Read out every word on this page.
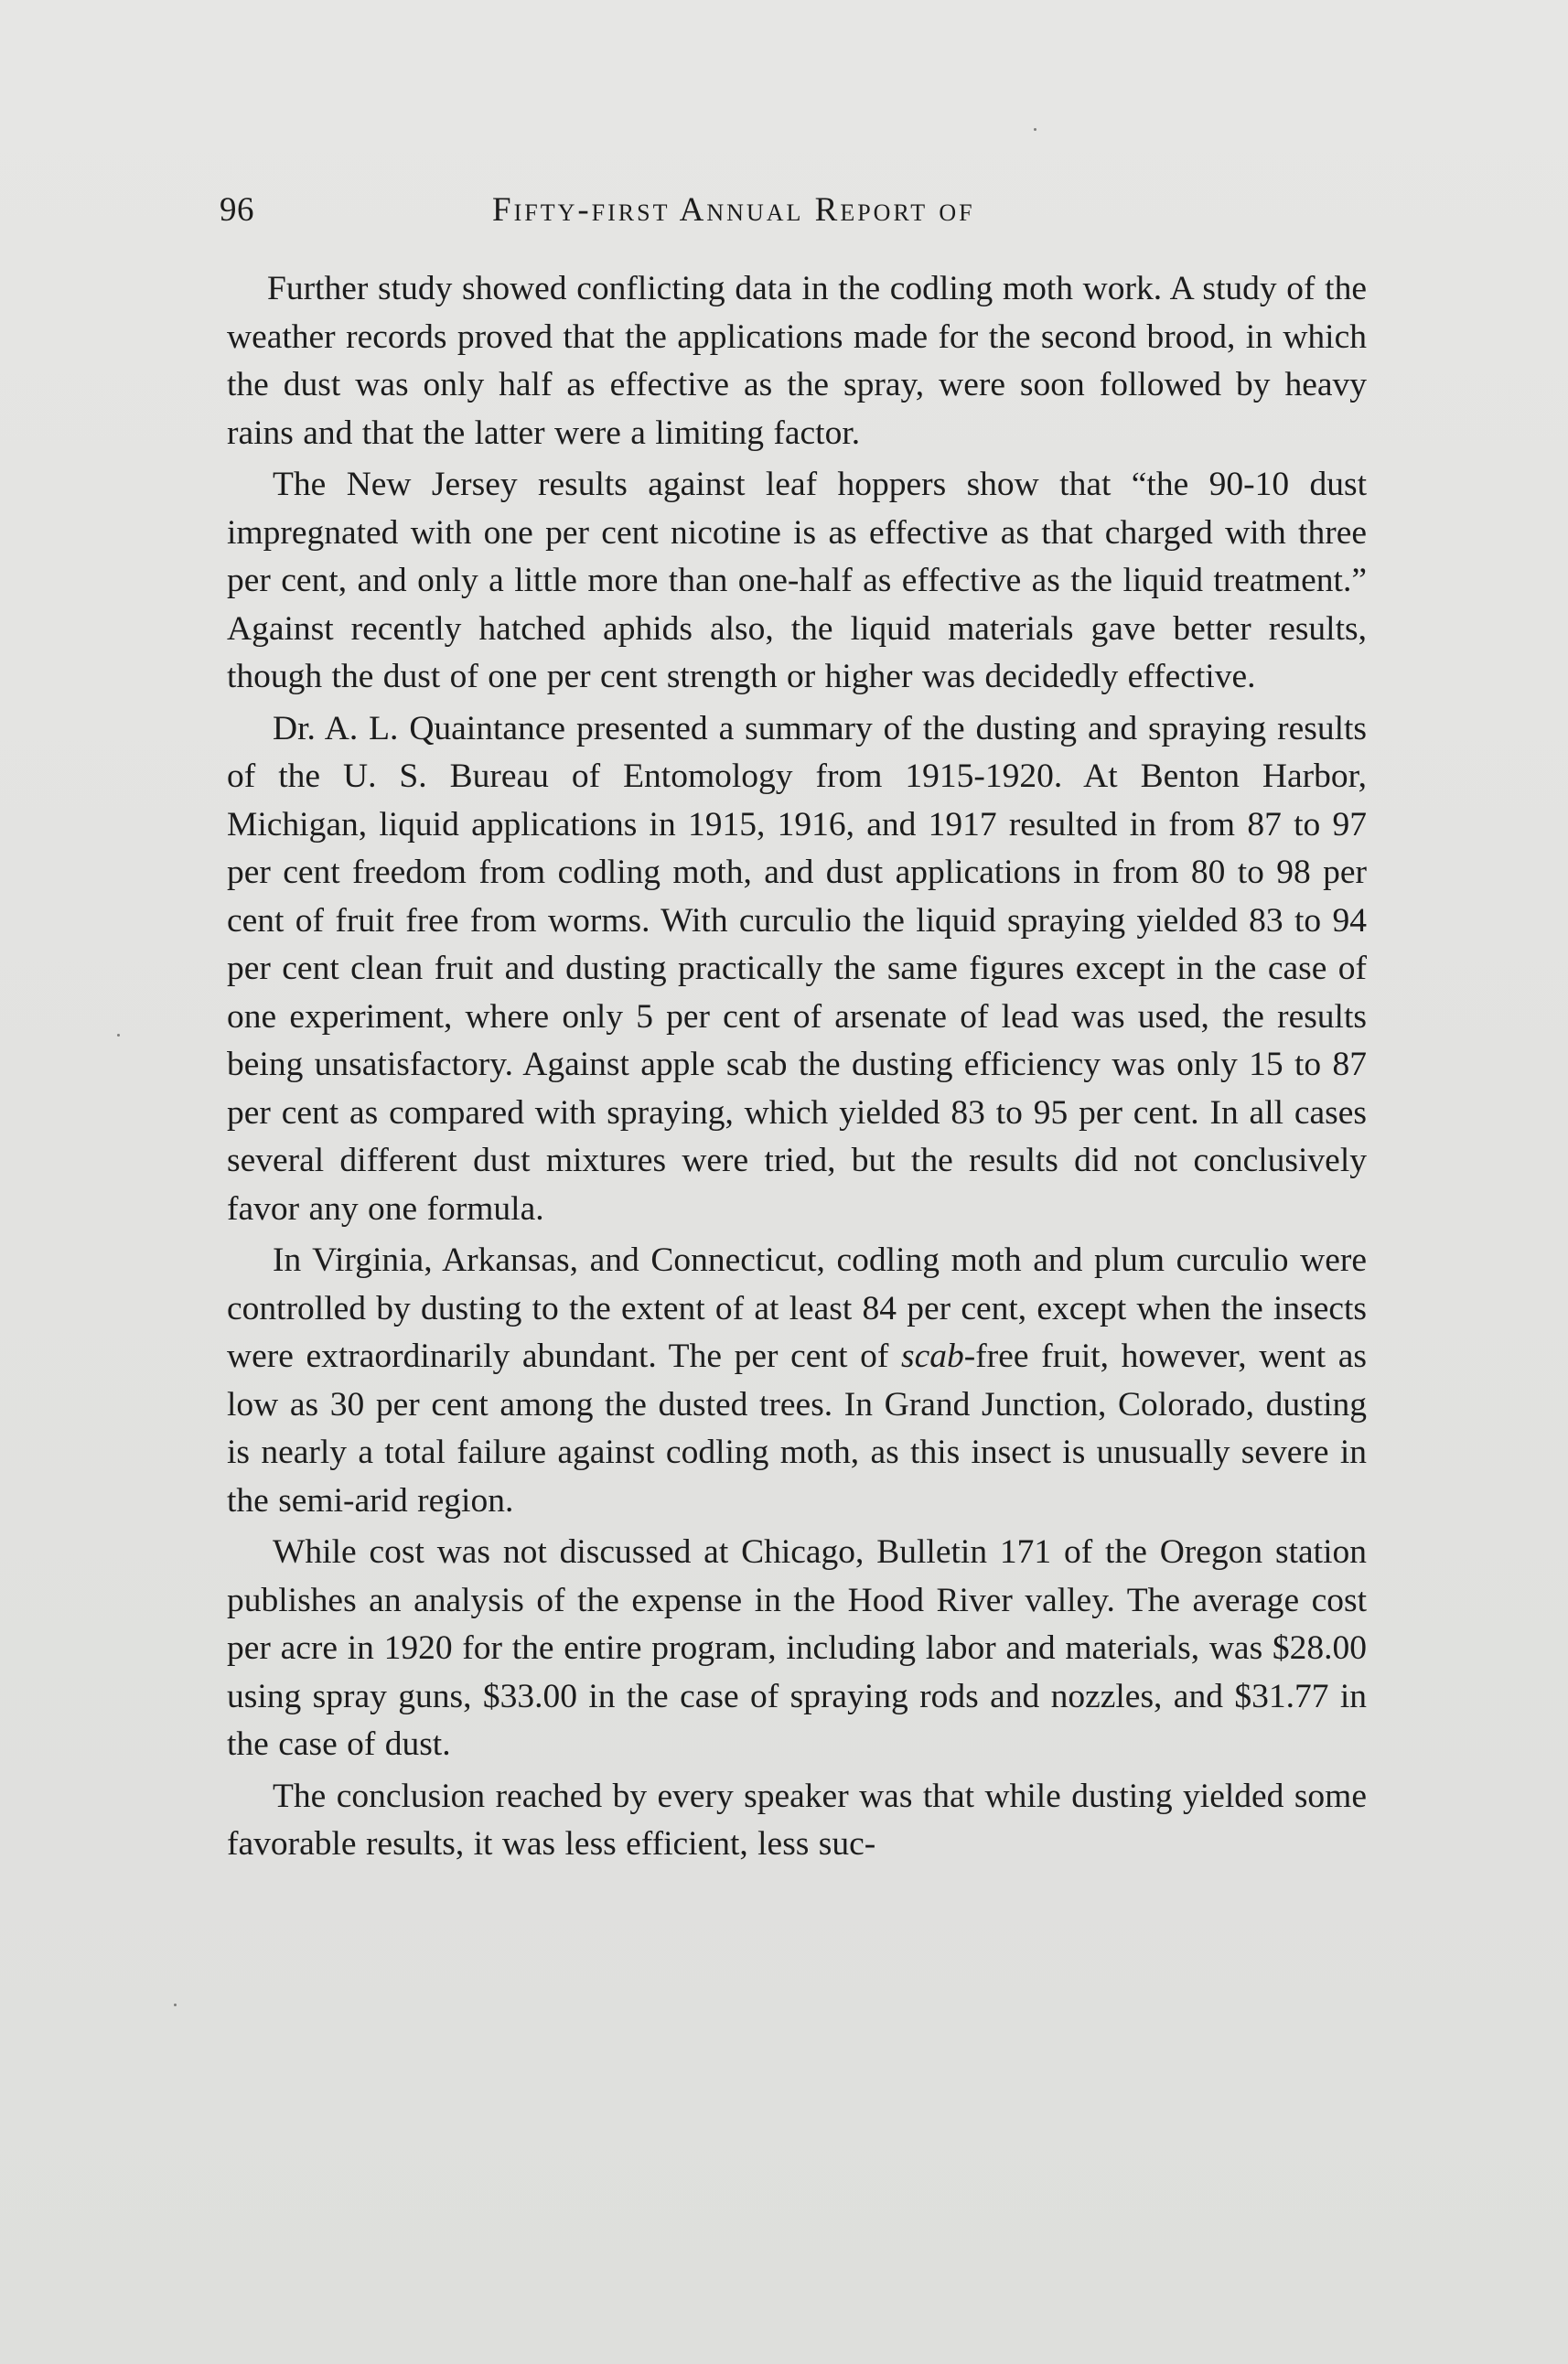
96	Fifty-first Annual Report of

Further study showed conflicting data in the codling moth work. A study of the weather records proved that the applications made for the second brood, in which the dust was only half as effective as the spray, were soon followed by heavy rains and that the latter were a limiting factor.

The New Jersey results against leaf hoppers show that “the 90-10 dust impregnated with one per cent nicotine is as effective as that charged with three per cent, and only a little more than one-half as effective as the liquid treatment.” Against recently hatched aphids also, the liquid materials gave better results, though the dust of one per cent strength or higher was decidedly effective.

Dr. A. L. Quaintance presented a summary of the dusting and spraying results of the U. S. Bureau of Entomology from 1915-1920. At Benton Harbor, Michigan, liquid applications in 1915, 1916, and 1917 resulted in from 87 to 97 per cent freedom from codling moth, and dust applications in from 80 to 98 per cent of fruit free from worms. With curculio the liquid spraying yielded 83 to 94 per cent clean fruit and dusting practically the same figures except in the case of one experiment, where only 5 per cent of arsenate of lead was used, the results being unsatisfactory. Against apple scab the dusting efficiency was only 15 to 87 per cent as compared with spraying, which yielded 83 to 95 per cent. In all cases several different dust mixtures were tried, but the results did not conclusively favor any one formula.

In Virginia, Arkansas, and Connecticut, codling moth and plum curculio were controlled by dusting to the extent of at least 84 per cent, except when the insects were extraordinarily abundant. The per cent of scab-free fruit, however, went as low as 30 per cent among the dusted trees. In Grand Junction, Colorado, dusting is nearly a total failure against codling moth, as this insect is unusually severe in the semi-arid region.

While cost was not discussed at Chicago, Bulletin 171 of the Oregon station publishes an analysis of the expense in the Hood River valley. The average cost per acre in 1920 for the entire program, including labor and materials, was $28.00 using spray guns, $33.00 in the case of spraying rods and nozzles, and $31.77 in the case of dust.

The conclusion reached by every speaker was that while dusting yielded some favorable results, it was less efficient, less suc-
